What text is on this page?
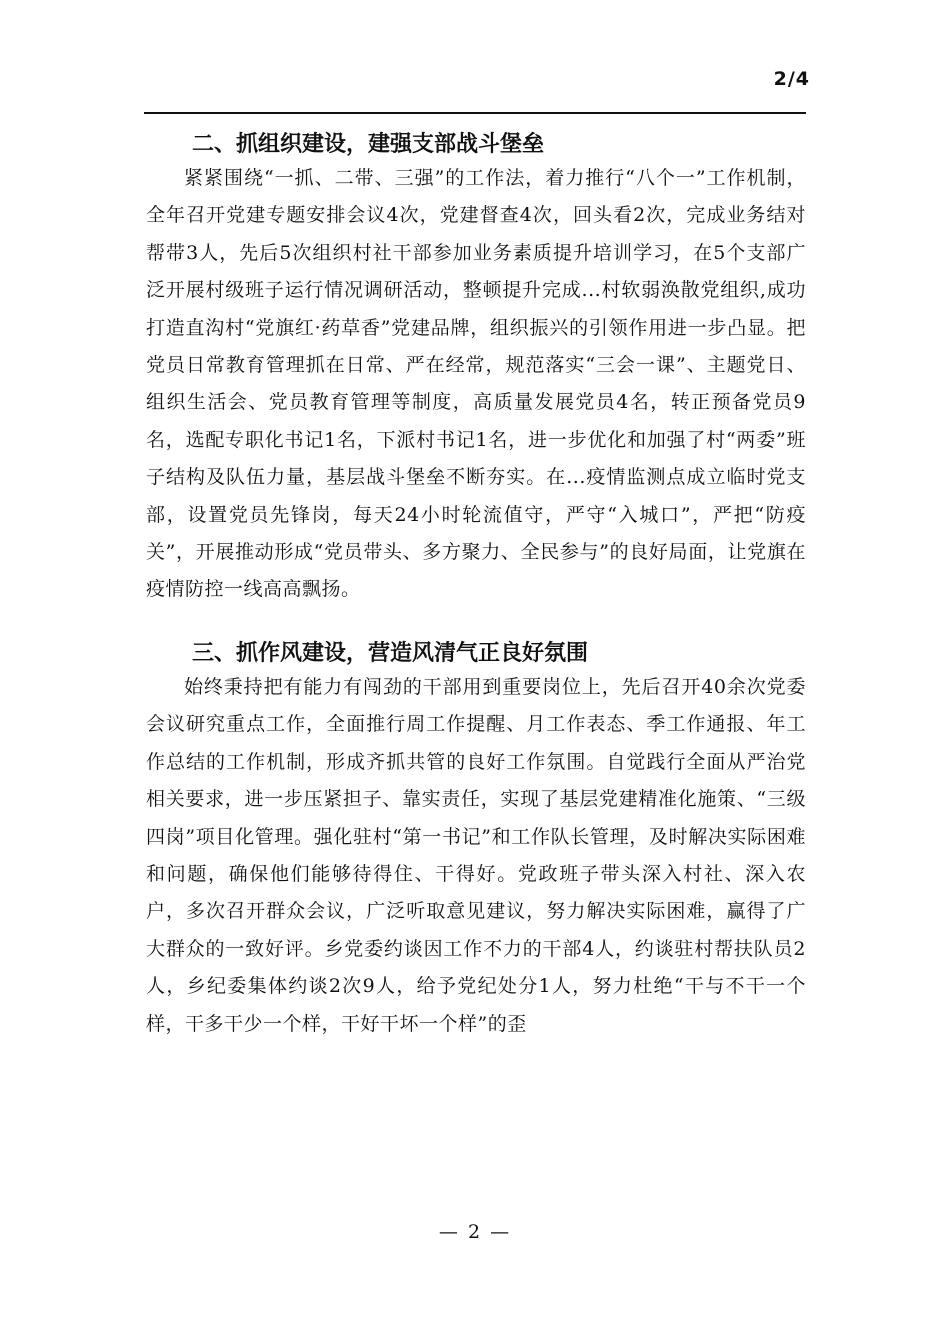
2/4
二、抓组织建设，建强支部战斗堡垒

紧紧围绕“一抓、二带、三强”的工作法，着力推行“八个一”工作机制，全年召开党建专题安排会议4次，党建督查4次，回头看2次，完成业务结对帮带3人，先后5次组织村社干部参加业务素质提升培训学习，在5个支部广泛开展村级班子运行情况调研活动，整顿提升完成...村软弱涣散党组织,成功打造直沟村“党旗红·药草香”党建品牌，组织振兴的引领作用进一步凸显。把党员日常教育管理抓在日常、严在经常，规范落实“三会一课”、主题党日、组织生活会、党员教育管理等制度，高质量发展党员4名，转正预备党员9名，选配专职化书记1名，下派村书记1名，进一步优化和加强了村“两委”班子结构及队伍力量，基层战斗堡垒不断夯实。在...疫情监测点成立临时党支部，设置党员先锋岗，每天24小时轮流值守，严守“入城口”，严把“防疫关”，开展推动形成“党员带头、多方聚力、全民参与”的良好局面，让党旗在疫情防控一线高高飘扬。

三、抓作风建设，营造风清气正良好氛围

始终秉持把有能力有闯劲的干部用到重要岗位上，先后召开40余次党委会议研究重点工作，全面推行周工作提醒、月工作表态、季工作通报、年工作总结的工作机制，形成齐抓共管的良好工作氛围。自觉践行全面从严治党相关要求，进一步压紧担子、靠实责任，实现了基层党建精准化施策、“三级四岗”项目化管理。强化驻村“第一书记”和工作队长管理，及时解决实际困难和问题，确保他们能够待得住、干得好。党政班子带头深入村社、深入农户，多次召开群众会议，广泛听取意见建议，努力解决实际困难，赢得了广大群众的一致好评。乡党委约谈因工作不力的干部4人，约谈驻村帮扶队员2人，乡纪委集体约谈2次9人，给予党纪处分1人，努力杜绝“干与不干一个样，干多干少一个样，干好干坏一个样”的歪

— 2 —
